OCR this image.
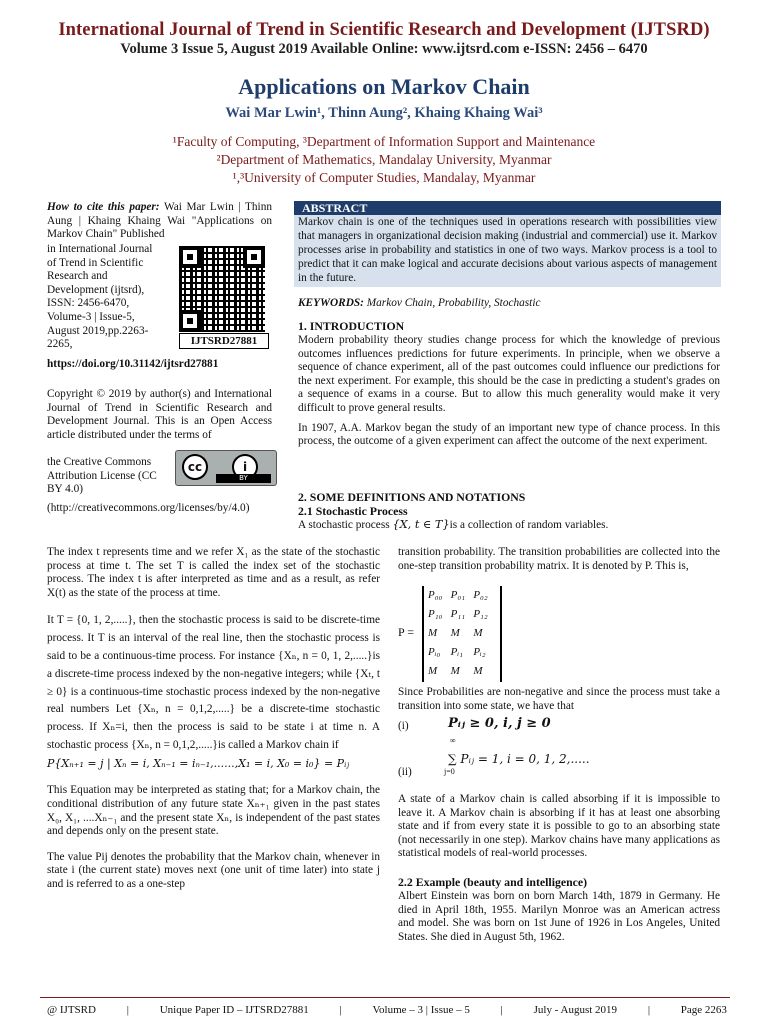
International Journal of Trend in Scientific Research and Development (IJTSRD)
Volume 3 Issue 5, August 2019 Available Online: www.ijtsrd.com e-ISSN: 2456 – 6470
Applications on Markov Chain
Wai Mar Lwin¹, Thinn Aung², Khaing Khaing Wai³
¹Faculty of Computing, ³Department of Information Support and Maintenance
²Department of Mathematics, Mandalay University, Myanmar
¹,³University of Computer Studies, Mandalay, Myanmar

How to cite this paper: Wai Mar Lwin | Thinn Aung | Khaing Khaing Wai "Applications on Markov Chain" Published

in International Journal of Trend in Scientific Research and Development (ijtsrd), ISSN: 2456-6470, Volume-3 | Issue-5, August 2019,pp.2263-2265,

https://doi.org/10.31142/ijtsrd27881
IJTSRD27881

Copyright © 2019 by author(s) and International Journal of Trend in Scientific Research and Development Journal. This is an Open Access article distributed under the terms of

the Creative Commons Attribution License (CC BY 4.0)

(http://creativecommons.org/licenses/by/4.0)

cc	i
BY
ABSTRACT
Markov chain is one of the techniques used in operations research with possibilities view that managers in organizational decision making (industrial and commercial) use it. Markov processes arise in probability and statistics in one of two ways. Markov process is a tool to predict that it can make logical and accurate decisions about various aspects of management in the future.
KEYWORDS: Markov Chain, Probability, Stochastic
1. INTRODUCTION

Modern probability theory studies change process for which the knowledge of previous outcomes influences predictions for future experiments. In principle, when we observe a sequence of chance experiment, all of the past outcomes could influence our predictions for the next experiment. For example, this should be the case in predicting a student's grades on a sequence of exams in a course. But to allow this much generality would make it very difficult to prove general results.

In 1907, A.A. Markov began the study of an important new type of chance process. In this process, the outcome of a given experiment can affect the outcome of the next experiment.

2. SOME DEFINITIONS AND NOTATIONS
2.1 Stochastic Process
A stochastic process {X, t ∈ T}is a collection of random variables.

The index t represents time and we refer X₁ as the state of the stochastic process at time t. The set T is called the index set of the stochastic process. The index t is after interpreted as time and as a result, as refer X(t) as the state of the process at time.

It T = {0, 1, 2,.....}, then the stochastic process is said to be discrete-time process. It T is an interval of the real line, then the stochastic process is said to be a continuous-time process. For instance {Xₙ, n = 0, 1, 2,.....}is a discrete-time process indexed by the non-negative integers; while {Xₜ, t ≥ 0} is a continuous-time stochastic process indexed by the non-negative real numbers Let {Xₙ, n = 0,1,2,.....} be a discrete-time stochastic process. If Xₙ=i, then the process is said to be state i at time n. A stochastic process {Xₙ, n = 0,1,2,.....}is called a Markov chain if

P{Xₙ₊₁ = j | Xₙ = i, Xₙ₋₁ = iₙ₋₁,......,X₁ = i, X₀ = i₀} = Pᵢⱼ

This Equation may be interpreted as stating that; for a Markov chain, the conditional distribution of any future state Xₙ₊₁ given in the past states X₀, X₁, ....Xₙ₋₁ and the present state Xₙ, is independent of the past states and depends only on the present state.

The value Pij denotes the probability that the Markov chain, whenever in state i (the current state) moves next (one unit of time later) into state j and is referred to as a one-step

transition probability. The transition probabilities are collected into the one-step transition probability matrix. It is denoted by P. This is,

P =
P₀₀ P₀₁ P₀₂
P₁₀ P₁₁ P₁₂
M	M	M
Pᵢ₀ Pᵢ₁ Pᵢ₂
M	M	M

Since Probabilities are non-negative and since the process must take a transition into some state, we have that

(i)	Pᵢⱼ ≥ 0, i, j ≥ 0
(ii)
∞
∑ Pᵢⱼ = 1, i = 0, 1, 2,.....
j=0

A state of a Markov chain is called absorbing if it is impossible to leave it. A Markov chain is absorbing if it has at least one absorbing state and if from every state it is possible to go to an absorbing state (not necessarily in one step). Markov chains have many applications as statistical models of real-world processes.

2.2 Example (beauty and intelligence)

Albert Einstein was born on born March 14th, 1879 in Germany. He died in April 18th, 1955. Marilyn Monroe was an American actress and model. She was born on 1st June of 1926 in Los Angeles, United States. She died in August 5th, 1962.

@ IJTSRD	|	Unique Paper ID – IJTSRD27881	|	Volume – 3 | Issue – 5	|	July - August 2019	|	Page 2263
